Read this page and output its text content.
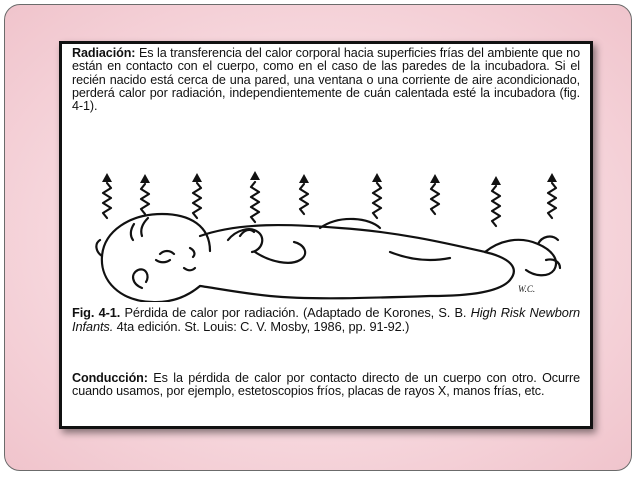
Radiación: Es la transferencia del calor corporal hacia superficies frías del ambiente que no están en contacto con el cuerpo, como en el caso de las paredes de la incubadora. Si el recién nacido está cerca de una pared, una ventana o una corriente de aire acondicionado, perderá calor por radiación, independientemente de cuán calentada esté la incubadora (fig. 4-1).

W.C.

Fig. 4-1. Pérdida de calor por radiación. (Adaptado de Korones, S. B. High Risk Newborn Infants. 4ta edición. St. Louis: C. V. Mosby, 1986, pp. 91-92.)

Conducción: Es la pérdida de calor por contacto directo de un cuerpo con otro. Ocurre cuando usamos, por ejemplo, estetoscopios fríos, placas de rayos X, manos frías, etc.
